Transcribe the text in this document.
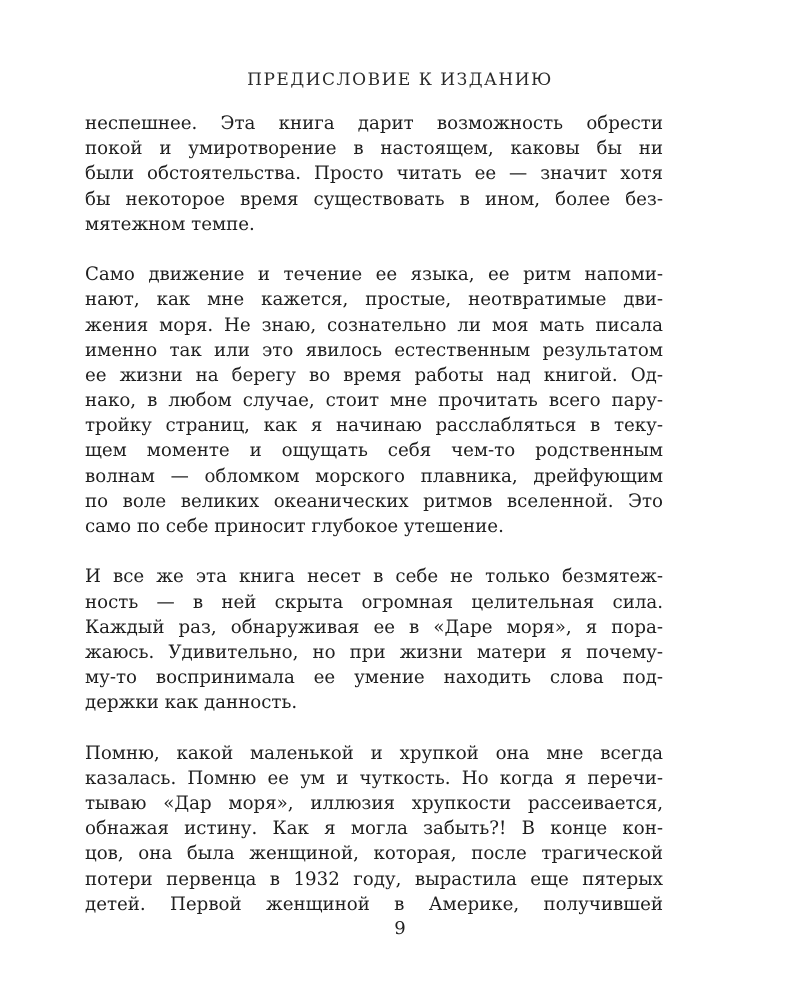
ПРЕДИСЛОВИЕ К ИЗДАНИЮ
неспешнее. Эта книга дарит возможность обрести
покой и умиротворение в настоящем, каковы бы ни
были обстоятельства. Просто читать ее — значит хотя
бы некоторое время существовать в ином, более без-
мятежном темпе.
Само движение и течение ее языка, ее ритм напоми-
нают, как мне кажется, простые, неотвратимые дви-
жения моря. Не знаю, сознательно ли моя мать писала
именно так или это явилось естественным результатом
ее жизни на берегу во время работы над книгой. Од-
нако, в любом случае, стоит мне прочитать всего пару-
тройку страниц, как я начинаю расслабляться в теку-
щем моменте и ощущать себя чем-то родственным
волнам — обломком морского плавника, дрейфующим
по воле великих океанических ритмов вселенной. Это
само по себе приносит глубокое утешение.
И все же эта книга несет в себе не только безмятеж-
ность — в ней скрыта огромная целительная сила.
Каждый раз, обнаруживая ее в «Даре моря», я пора-
жаюсь. Удивительно, но при жизни матери я почему-
му-то воспринимала ее умение находить слова под-
держки как данность.
Помню, какой маленькой и хрупкой она мне всегда
казалась. Помню ее ум и чуткость. Но когда я перечи-
тываю «Дар моря», иллюзия хрупкости рассеивается,
обнажая истину. Как я могла забыть?! В конце кон-
цов, она была женщиной, которая, после трагической
потери первенца в 1932 году, вырастила еще пятерых
детей. Первой женщиной в Америке, получившей
9
